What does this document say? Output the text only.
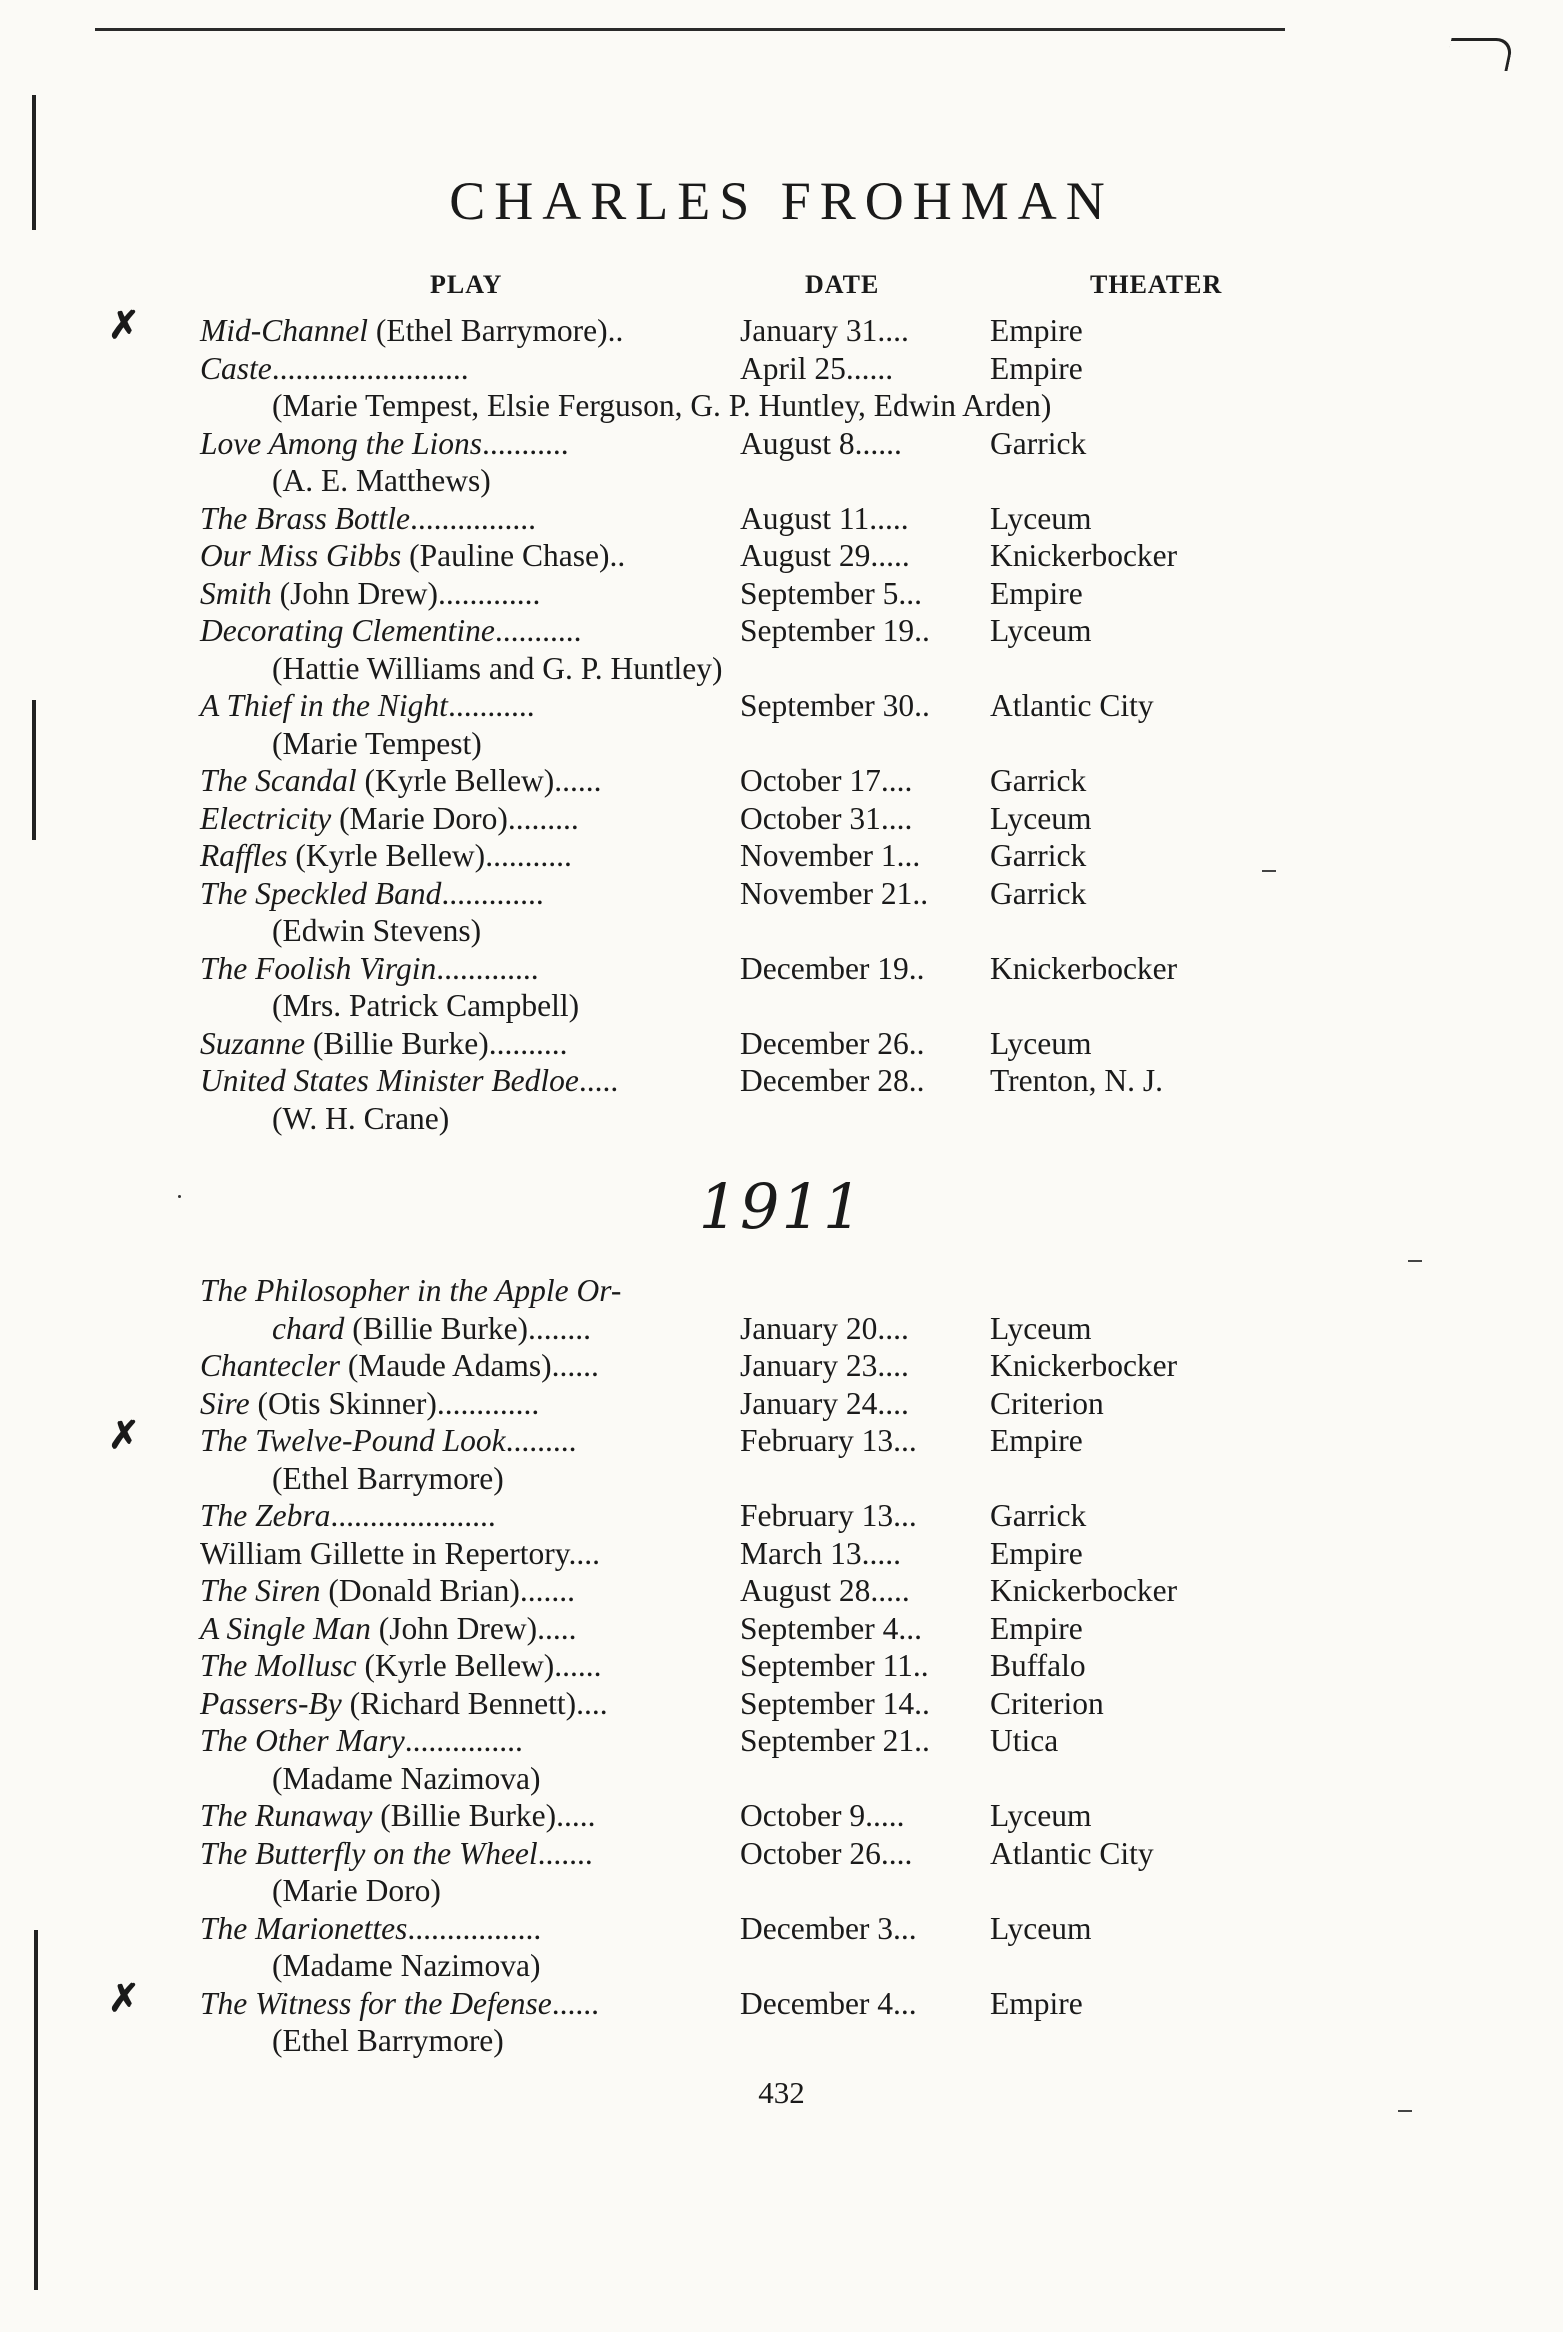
CHARLES FROHMAN
PLAY	DATE	THEATER
✗ Mid-Channel (Ethel Barrymore)..	January 31....	Empire
Caste.........................	April 25......	Empire
(Marie Tempest, Elsie Ferguson, G. P. Huntley, Edwin Arden)
Love Among the Lions...........	August 8......	Garrick
(A. E. Matthews)
The Brass Bottle................	August 11.....	Lyceum
Our Miss Gibbs (Pauline Chase)..	August 29.....	Knickerbocker
Smith (John Drew).............	September 5... Empire
Decorating Clementine...........	September 19.. Lyceum
(Hattie Williams and G. P. Huntley)
A Thief in the Night...........	September 30.. Atlantic City
(Marie Tempest)
The Scandal (Kyrle Bellew)......	October 17.... Garrick
Electricity (Marie Doro).........	October 31.... Lyceum
Raffles (Kyrle Bellew)...........	November 1... Garrick
The Speckled Band.............	November 21.. Garrick
(Edwin Stevens)
The Foolish Virgin.............	December 19.. Knickerbocker
(Mrs. Patrick Campbell)
Suzanne (Billie Burke)..........	December 26.. Lyceum
United States Minister Bedloe.....	December 28.. Trenton, N. J.
(W. H. Crane)
1911
The Philosopher in the Apple Or-
chard (Billie Burke)........	January 20....	Lyceum
Chantecler (Maude Adams)......	January 23....	Knickerbocker
Sire (Otis Skinner).............	January 24....	Criterion
✗ The Twelve-Pound Look.........	February 13... Empire
(Ethel Barrymore)
The Zebra.....................	February 13... Garrick
William Gillette in Repertory....	March 13.....	Empire
The Siren (Donald Brian).......	August 28.....	Knickerbocker
A Single Man (John Drew).....	September 4... Empire
The Mollusc (Kyrle Bellew)......	September 11.. Buffalo
Passers-By (Richard Bennett)....	September 14.. Criterion
The Other Mary...............	September 21.. Utica
(Madame Nazimova)
The Runaway (Billie Burke).....	October 9.....	Lyceum
The Butterfly on the Wheel.......	October 26.... Atlantic City
(Marie Doro)
The Marionettes.................	December 3... Lyceum
(Madame Nazimova)
✗ The Witness for the Defense......	December 4... Empire
(Ethel Barrymore)
432
